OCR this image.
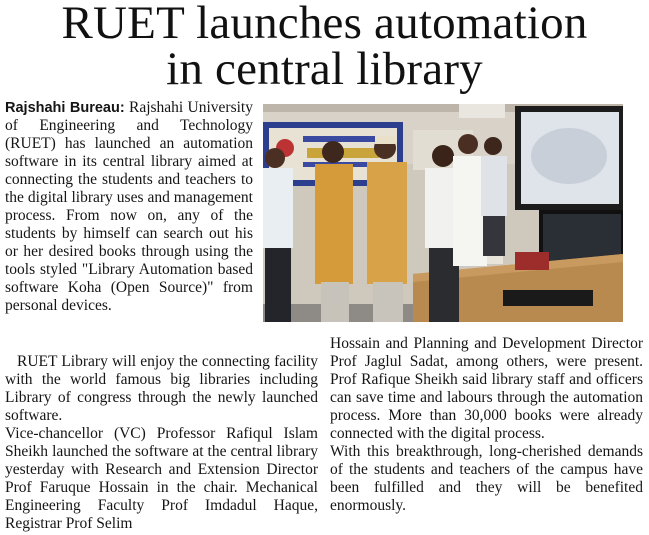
RUET launches automation
in central library

Rajshahi Bureau: Rajshahi University of Engineering and Technology (RUET) has launched an automation software in its central library aimed at connecting the students and teachers to the digital library uses and management process. From now on, any of the students by himself can search out his or her desired books through using the tools styled "Library Automation based software Koha (Open Source)" from personal devices.

RUET Library will enjoy the connecting facility with the world famous big libraries including Library of congress through the newly launched software.

Vice-chancellor (VC) Professor Rafiqul Islam Sheikh launched the software at the central library yesterday with Research and Extension Director Prof Faruque Hossain in the chair. Mechanical Engineering Faculty Prof Imdadul Haque, Registrar Prof Selim

Hossain and Planning and Development Director Prof Jaglul Sadat, among others, were present. Prof Rafique Sheikh said library staff and officers can save time and labours through the automation process. More than 30,000 books were already connected with the digital process.

With this breakthrough, long-cherished demands of the students and teachers of the campus have been fulfilled and they will be benefited enormously.
